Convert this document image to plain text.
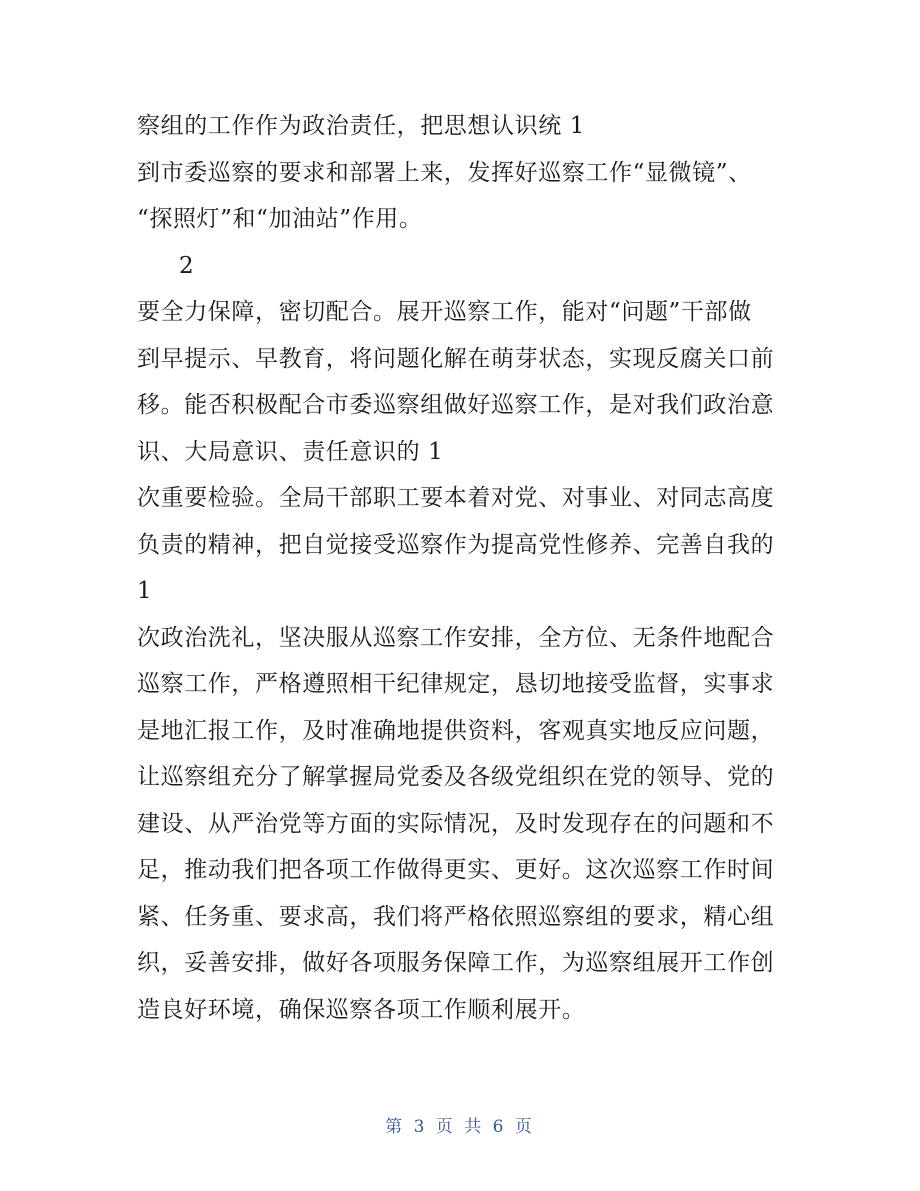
察组的工作作为政治责任，把思想认识统 1
到市委巡察的要求和部署上来，发挥好巡察工作“显微镜”、
“探照灯”和“加油站”作用。
2
要全力保障，密切配合。展开巡察工作，能对“问题”干部做
到早提示、早教育，将问题化解在萌芽状态，实现反腐关口前
移。能否积极配合市委巡察组做好巡察工作，是对我们政治意
识、大局意识、责任意识的 1
次重要检验。全局干部职工要本着对党、对事业、对同志高度
负责的精神，把自觉接受巡察作为提高党性修养、完善自我的
1
次政治洗礼，坚决服从巡察工作安排，全方位、无条件地配合
巡察工作，严格遵照相干纪律规定，恳切地接受监督，实事求
是地汇报工作，及时准确地提供资料，客观真实地反应问题，
让巡察组充分了解掌握局党委及各级党组织在党的领导、党的
建设、从严治党等方面的实际情况，及时发现存在的问题和不
足，推动我们把各项工作做得更实、更好。这次巡察工作时间
紧、任务重、要求高，我们将严格依照巡察组的要求，精心组
织，妥善安排，做好各项服务保障工作，为巡察组展开工作创
造良好环境，确保巡察各项工作顺利展开。
第 3 页 共 6 页
